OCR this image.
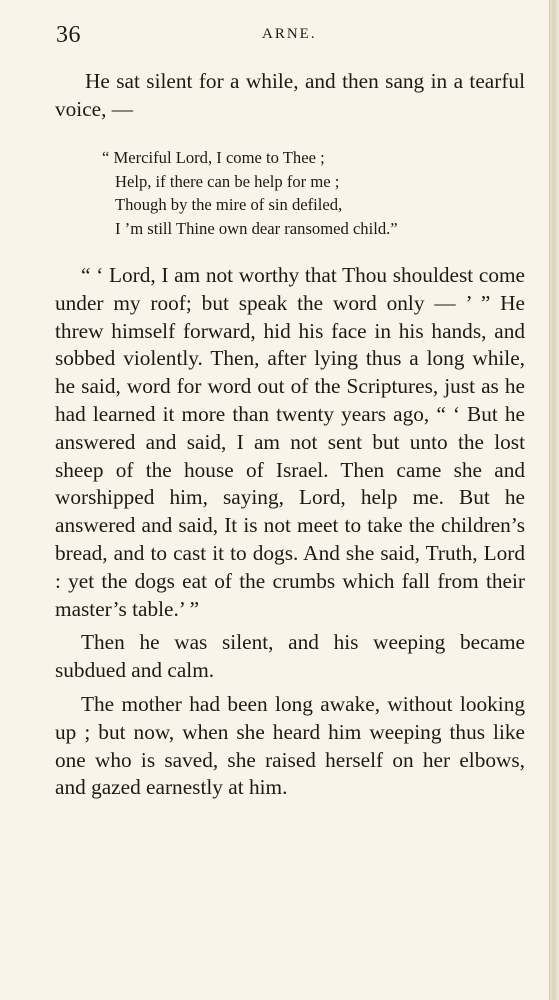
36	ARNE.

He sat silent for a while, and then sang in a tearful voice, —

“ Merciful Lord, I come to Thee ;
Help, if there can be help for me ;
Though by the mire of sin defiled,
I ’m still Thine own dear ransomed child.”

“ ‘ Lord, I am not worthy that Thou shouldest come under my roof; but speak the word only — ’ ” He threw himself forward, hid his face in his hands, and sobbed violently. Then, after lying thus a long while, he said, word for word out of the Scriptures, just as he had learned it more than twenty years ago, “ ‘ But he answered and said, I am not sent but unto the lost sheep of the house of Israel. Then came she and worshipped him, saying, Lord, help me. But he answered and said, It is not meet to take the children’s bread, and to cast it to dogs. And she said, Truth, Lord : yet the dogs eat of the crumbs which fall from their master’s table.’ ”

Then he was silent, and his weeping became subdued and calm.

The mother had been long awake, without looking up ; but now, when she heard him weeping thus like one who is saved, she raised herself on her elbows, and gazed earnestly at him.
